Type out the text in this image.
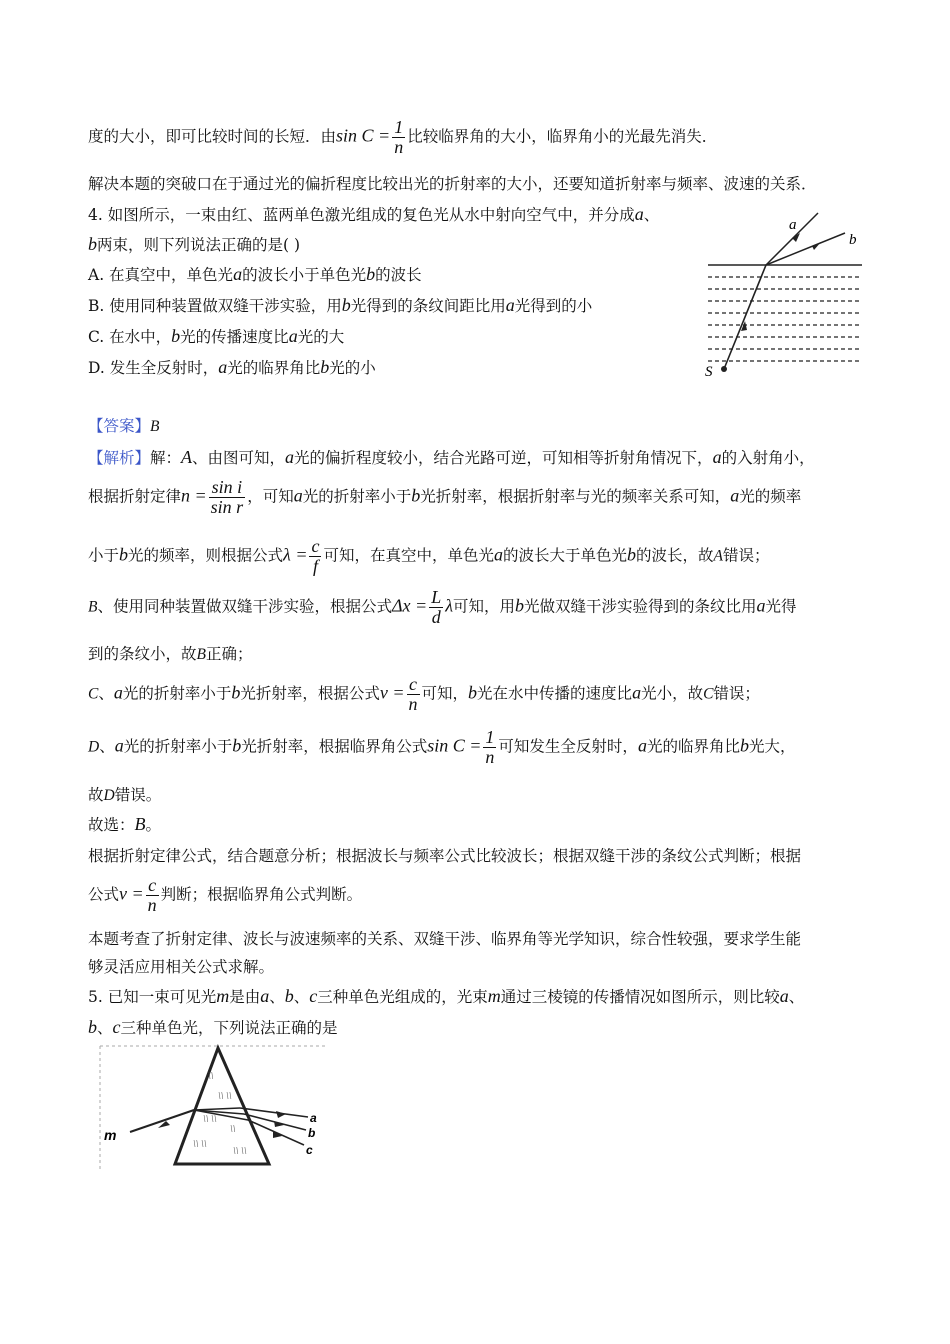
度的大小，即可比较时间的长短．由$\sin C = \frac{1}{n}$ 比较临界角的大小，临界角小的光最先消失．
解决本题的突破口在于通过光的偏折程度比较出光的折射率的大小，还要知道折射率与频率、波速的关系．
4. 如图所示，一束由红、蓝两单色激光组成的复色光从水中射向空气中，并分成a、
b两束，则下列说法正确的是( )
A. 在真空中，单色光a的波长小于单色光b的波长
B. 使用同种装置做双缝干涉实验，用b光得到的条纹间距比用a光得到的小
C. 在水中，b光的传播速度比a光的大
D. 发生全反射时，a光的临界角比b光的小
a
b
S
【答案】B
【解析】解：A、由图可知，a光的偏折程度较小，结合光路可逆，可知相等折射角情况下，a的入射角小，
根据折射定律$n = \frac{\text{sin i}}{\text{sin r}}$ ，可知a光的折射率小于b光折射率，根据折射率与光的频率关系可知，a光的频率
小于b光的频率，则根据公式$\lambda = \frac{c}{f}$ 可知，在真空中，单色光a的波长大于单色光b的波长，故A错误；
B、使用同种装置做双缝干涉实验，根据公式$\Delta x = \frac{L}{d}$ λ可知，用b光做双缝干涉实验得到的条纹比用a光得
到的条纹小，故B正确；
C、a光的折射率小于b光折射率，根据公式$v = \frac{c}{n}$ 可知，b光在水中传播的速度比a光小，故C错误；
D、a光的折射率小于b光折射率，根据临界角公式$\sin C = \frac{1}{n}$ 可知发生全反射时，a光的临界角比b光大，
故D错误。
故选：B。
根据折射定律公式，结合题意分析；根据波长与频率公式比较波长；根据双缝干涉的条纹公式判断；根据
公式$v = \frac{c}{n}$ 判断；根据临界角公式判断。
本题考查了折射定律、波长与波速频率的关系、双缝干涉、临界角等光学知识，综合性较强，要求学生能
够灵活应用相关公式求解。
5. 已知一束可见光m是由a、b、c三种单色光组成的，光束m通过三棱镜的传播情况如图所示，则比较a、
b、c三种单色光，下列说法正确的是
\\
\\ \\
\\ \\
\\
\\ \\
\\ \\
m
a
b
c
